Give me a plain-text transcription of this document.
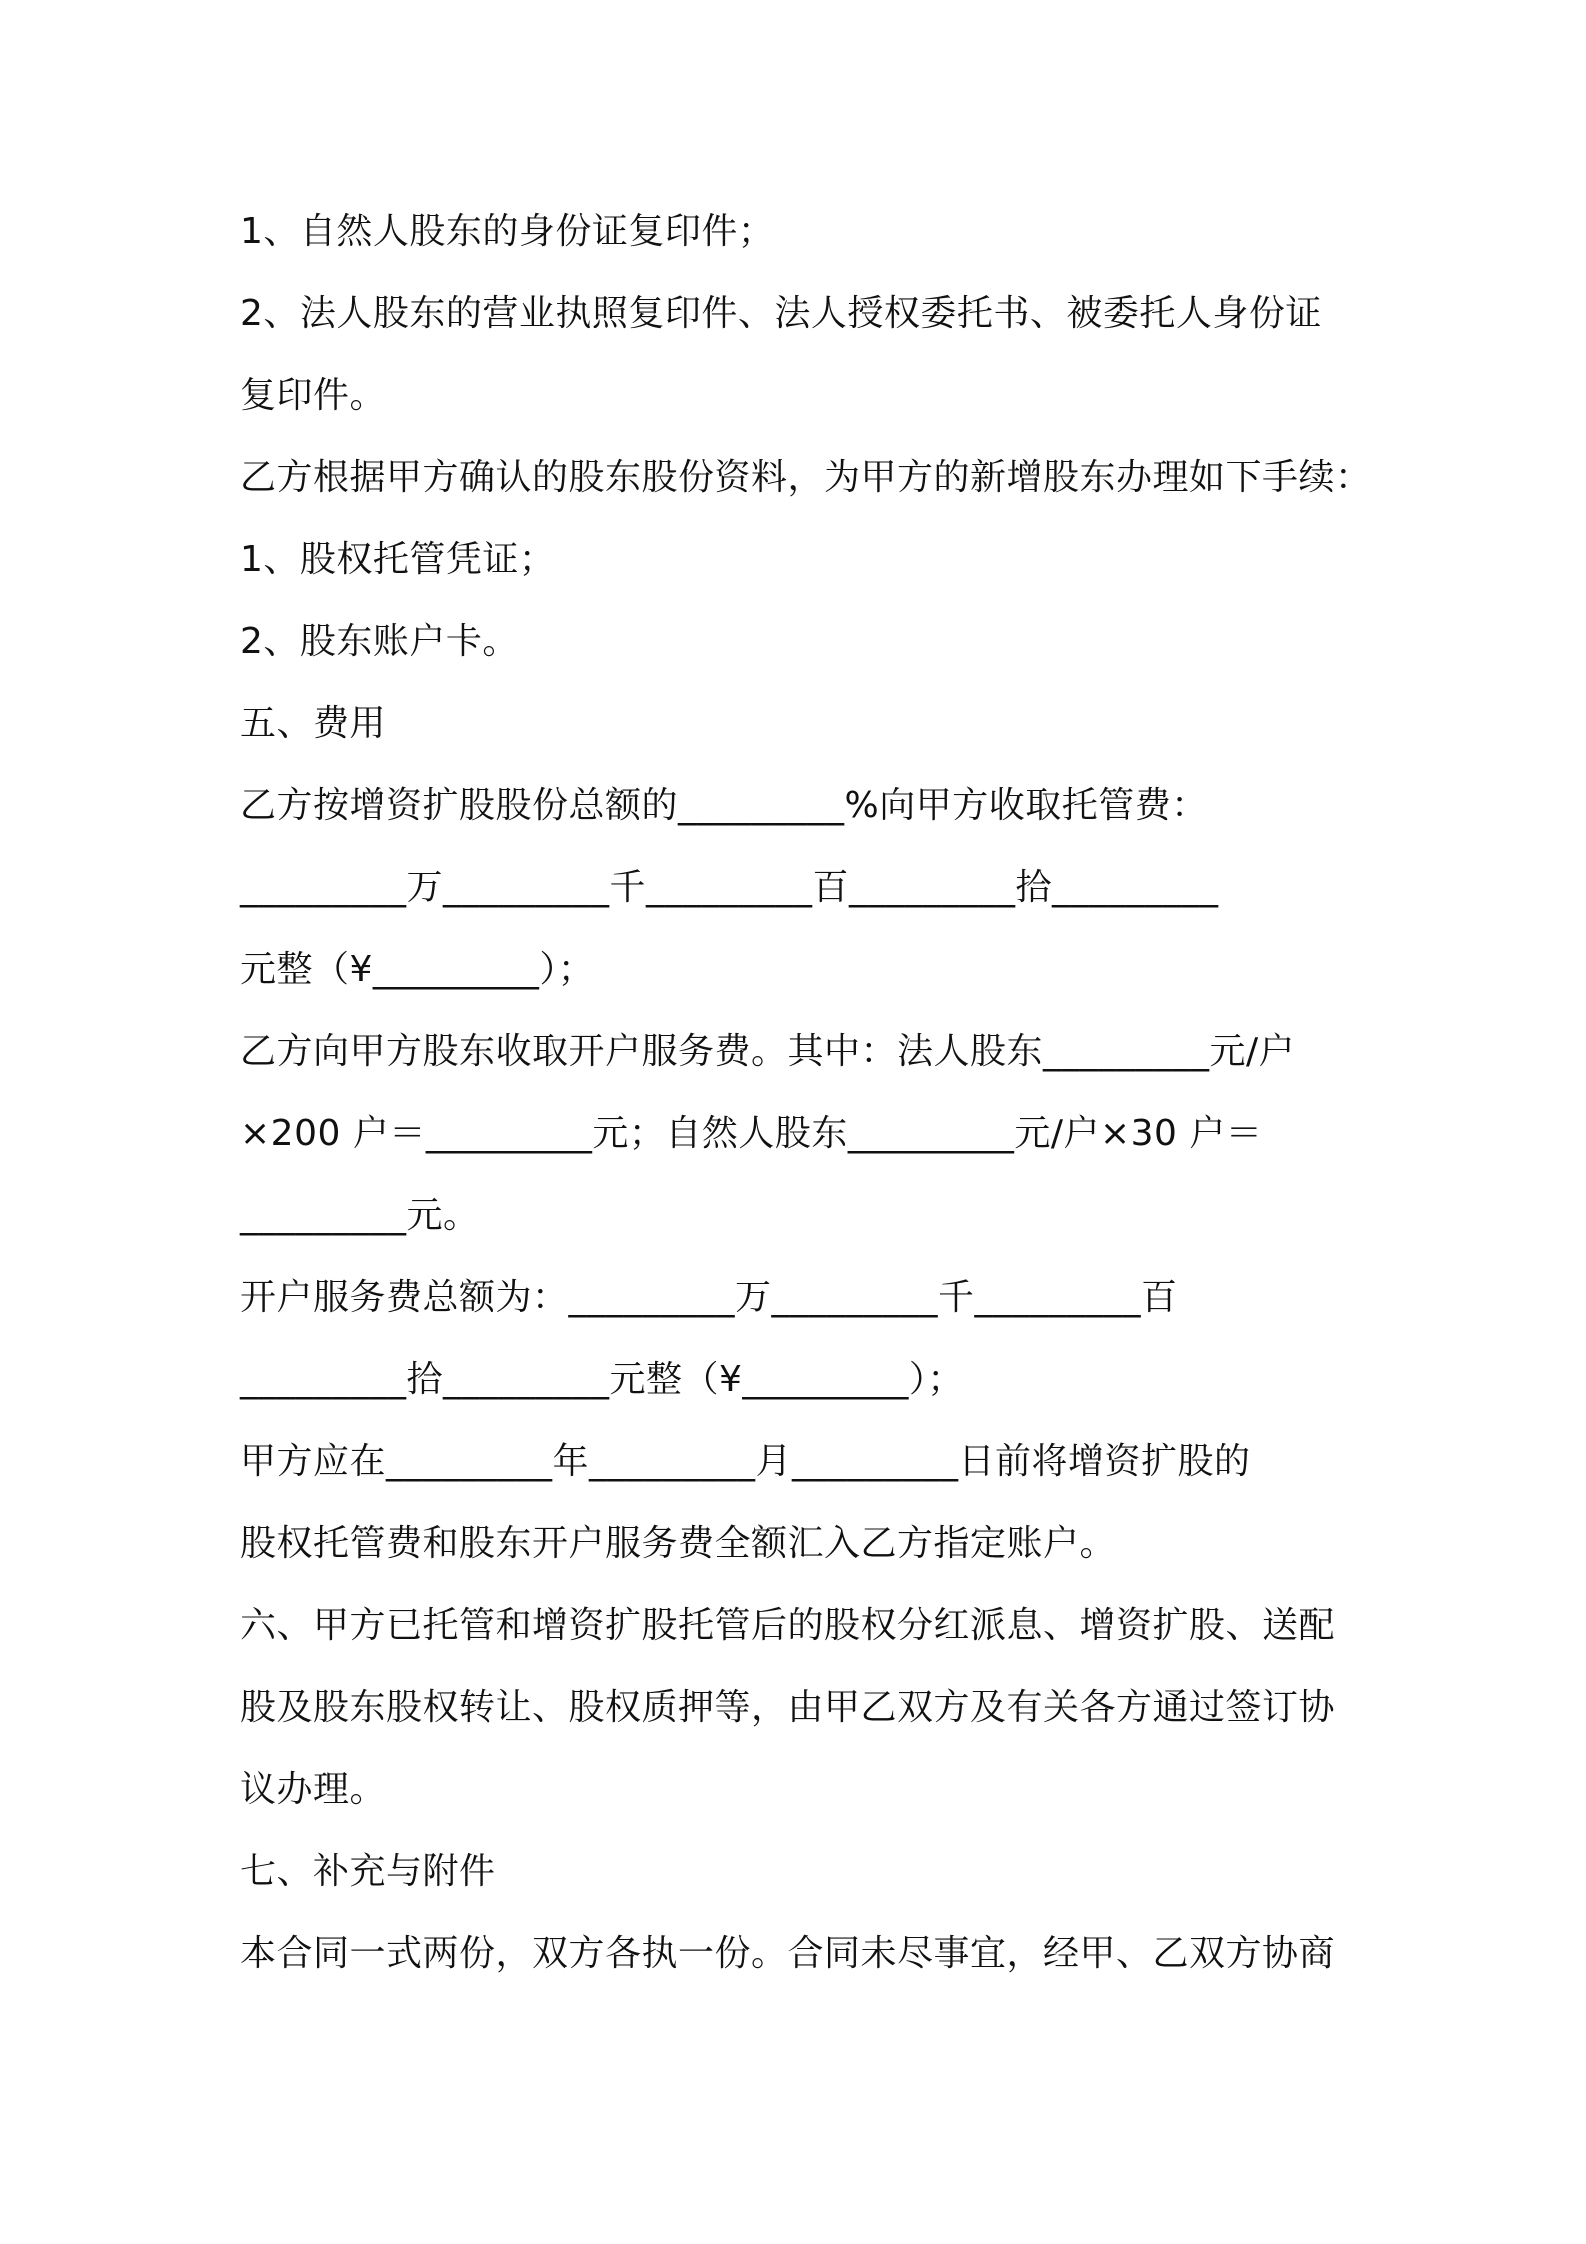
1、自然人股东的身份证复印件；
2、法人股东的营业执照复印件、法人授权委托书、被委托人身份证
复印件。
乙方根据甲方确认的股东股份资料，为甲方的新增股东办理如下手续：
1、股权托管凭证；
2、股东账户卡。
五、费用
乙方按增资扩股股份总额的_________%向甲方收取托管费：
_________万_________千_________百_________拾_________
元整（¥_________）；
乙方向甲方股东收取开户服务费。其中：法人股东_________元/户
×200 户＝_________元；自然人股东_________元/户×30 户＝
_________元。
开户服务费总额为：_________万_________千_________百
_________拾_________元整（¥_________）；
甲方应在_________年_________月_________日前将增资扩股的
股权托管费和股东开户服务费全额汇入乙方指定账户。
六、甲方已托管和增资扩股托管后的股权分红派息、增资扩股、送配
股及股东股权转让、股权质押等，由甲乙双方及有关各方通过签订协
议办理。
七、补充与附件
本合同一式两份，双方各执一份。合同未尽事宜，经甲、乙双方协商
